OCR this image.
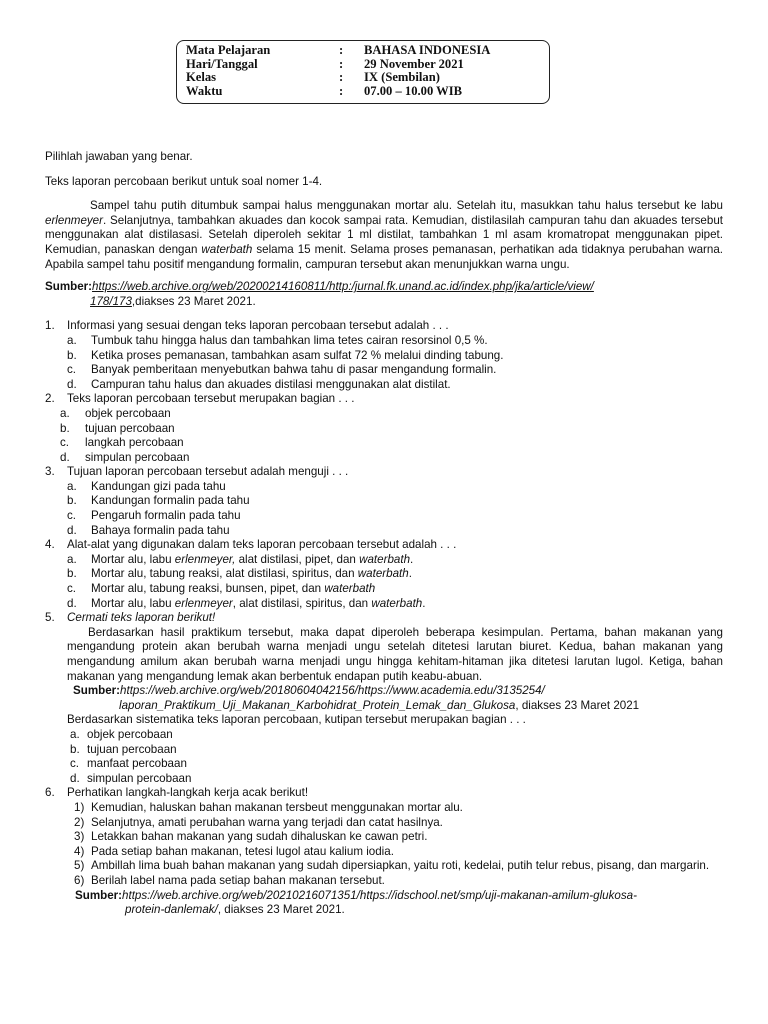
Mata Pelajaran	:	BAHASA INDONESIA
Hari/Tanggal	:	29 November 2021
Kelas	:	IX (Sembilan)
Waktu	:	07.00 – 10.00 WIB

Pilihlah jawaban yang benar.

Teks laporan percobaan berikut untuk soal nomer 1-4.

Sampel tahu putih ditumbuk sampai halus menggunakan mortar alu. Setelah itu, masukkan tahu halus tersebut ke labu erlenmeyer. Selanjutnya, tambahkan akuades dan kocok sampai rata. Kemudian, distilasilah campuran tahu dan akuades tersebut menggunakan alat distilasasi. Setelah diperoleh sekitar 1 ml distilat, tambahkan 1 ml asam kromatropat menggunakan pipet. Kemudian, panaskan dengan waterbath selama 15 menit. Selama proses pemanasan, perhatikan ada tidaknya perubahan warna. Apabila sampel tahu positif mengandung formalin, campuran tersebut akan menunjukkan warna ungu.

Sumber:https://web.archive.org/web/20200214160811/http:/jurnal.fk.unand.ac.id/index.php/jka/article/view/
178/173,diakses 23 Maret 2021.
1.	Informasi yang sesuai dengan teks laporan percobaan tersebut adalah . . .
a.	Tumbuk tahu hingga halus dan tambahkan lima tetes cairan resorsinol 0,5 %.
b.	Ketika proses pemanasan, tambahkan asam sulfat 72 % melalui dinding tabung.
c.	Banyak pemberitaan menyebutkan bahwa tahu di pasar mengandung formalin.
d.	Campuran tahu halus dan akuades distilasi menggunakan alat distilat.
2.	Teks laporan percobaan tersebut merupakan bagian . . .
a.	objek percobaan
b.	tujuan percobaan
c.	langkah percobaan
d.	simpulan percobaan
3.	Tujuan laporan percobaan tersebut adalah menguji . . .
a.	Kandungan gizi pada tahu
b.	Kandungan formalin pada tahu
c.	Pengaruh formalin pada tahu
d.	Bahaya formalin pada tahu
4.	Alat-alat yang digunakan dalam teks laporan percobaan tersebut adalah . . .
a.	Mortar alu, labu erlenmeyer, alat distilasi, pipet, dan waterbath.
b.	Mortar alu, tabung reaksi, alat distilasi, spiritus, dan waterbath.
c.	Mortar alu, tabung reaksi, bunsen, pipet, dan waterbath
d.	Mortar alu, labu erlenmeyer, alat distilasi, spiritus, dan waterbath.
5.	Cermati teks laporan berikut!

Berdasarkan hasil praktikum tersebut, maka dapat diperoleh beberapa kesimpulan. Pertama, bahan makanan yang mengandung protein akan berubah warna menjadi ungu setelah ditetesi larutan biuret. Kedua, bahan makanan yang mengandung amilum akan berubah warna menjadi ungu hingga kehitam-hitaman jika ditetesi larutan lugol. Ketiga, bahan makanan yang mengandung lemak akan berbentuk endapan putih keabu-abuan.

Sumber:https://web.archive.org/web/20180604042156/https://www.academia.edu/3135254/
laporan_Praktikum_Uji_Makanan_Karbohidrat_Protein_Lemak_dan_Glukosa, diakses 23 Maret 2021

Berdasarkan sistematika teks laporan percobaan, kutipan tersebut merupakan bagian . . .

a. objek percobaan
b. tujuan percobaan
c. manfaat percobaan
d. simpulan percobaan
6.	Perhatikan langkah-langkah kerja acak berikut!
1) Kemudian, haluskan bahan makanan tersbeut menggunakan mortar alu.
2) Selanjutnya, amati perubahan warna yang terjadi dan catat hasilnya.
3) Letakkan bahan makanan yang sudah dihaluskan ke cawan petri.
4) Pada setiap bahan makanan, tetesi lugol atau kalium iodia.
5) Ambillah lima buah bahan makanan yang sudah dipersiapkan, yaitu roti, kedelai, putih telur rebus, pisang, dan margarin.
6) Berilah label nama pada setiap bahan makanan tersebut.
Sumber:https://web.archive.org/web/20210216071351/https://idschool.net/smp/uji-makanan-amilum-glukosa-
protein-danlemak/, diakses 23 Maret 2021.
